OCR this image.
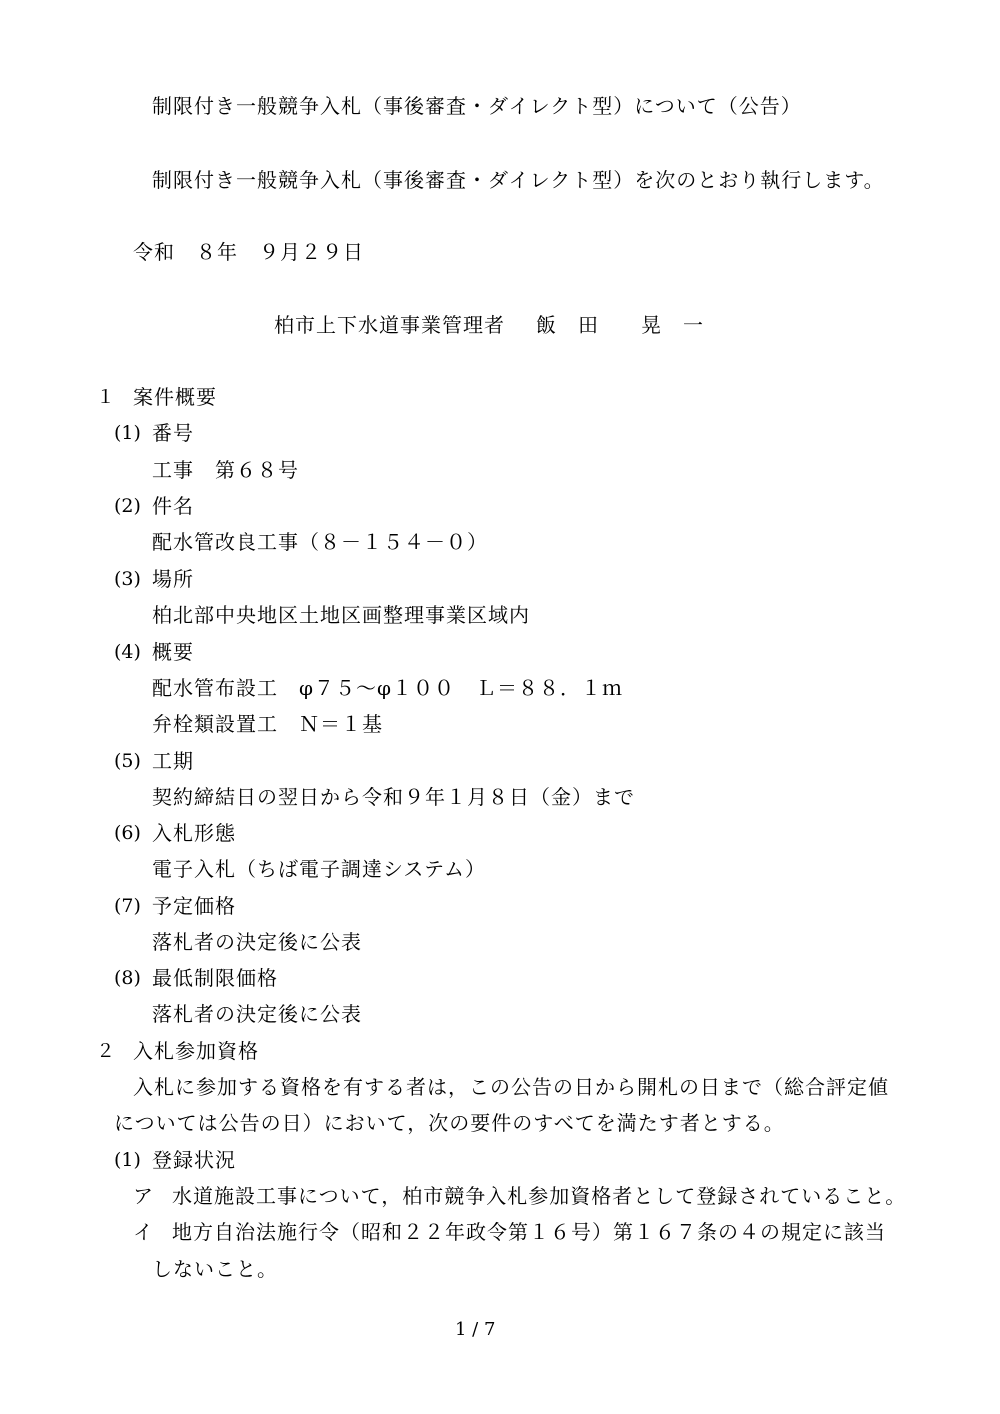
制限付き一般競争入札（事後審査・ダイレクト型）について（公告）
制限付き一般競争入札（事後審査・ダイレクト型）を次のとおり執行します。
令和　８年　９月２９日
柏市上下水道事業管理者 飯　田　　晃　一
１ 案件概要
(1) 番号
工事　第６８号
(2) 件名
配水管改良工事（８－１５４－０）
(3) 場所
柏北部中央地区土地区画整理事業区域内
(4) 概要
配水管布設工　φ７５～φ１００　Ｌ＝８８．１ｍ
弁栓類設置工　Ｎ＝１基
(5) 工期
契約締結日の翌日から令和９年１月８日（金）まで
(6) 入札形態
電子入札（ちば電子調達システム）
(7) 予定価格
落札者の決定後に公表
(8) 最低制限価格
落札者の決定後に公表
２ 入札参加資格
入札に参加する資格を有する者は，この公告の日から開札の日まで（総合評定値
については公告の日）において，次の要件のすべてを満たす者とする。
(1) 登録状況
ア 水道施設工事について，柏市競争入札参加資格者として登録されていること。
イ 地方自治法施行令（昭和２２年政令第１６号）第１６７条の４の規定に該当
しないこと。
1 / 7
